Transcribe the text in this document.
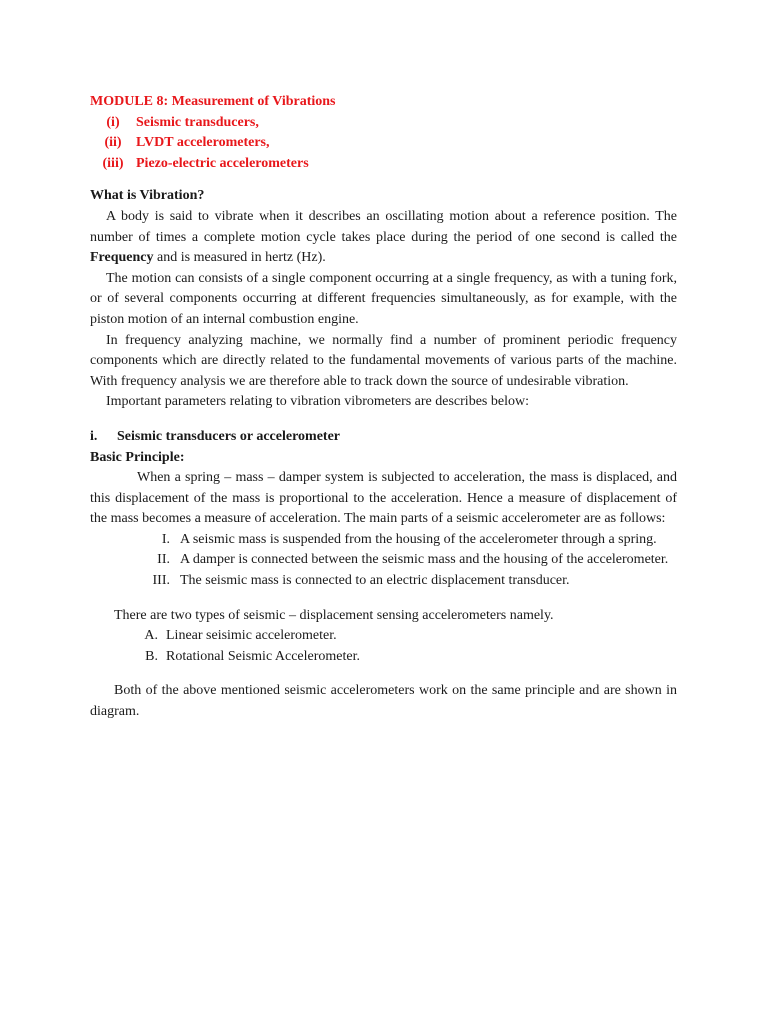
MODULE 8: Measurement of Vibrations
(i)	Seismic transducers,
(ii)	LVDT accelerometers,
(iii) Piezo-electric accelerometers
What is Vibration?

A body is said to vibrate when it describes an oscillating motion about a reference position. The number of times a complete motion cycle takes place during the period of one second is called the Frequency and is measured in hertz (Hz).

The motion can consists of a single component occurring at a single frequency, as with a tuning fork, or of several components occurring at different frequencies simultaneously, as for example, with the piston motion of an internal combustion engine.

In frequency analyzing machine, we normally find a number of prominent periodic frequency components which are directly related to the fundamental movements of various parts of the machine. With frequency analysis we are therefore able to track down the source of undesirable vibration.

Important parameters relating to vibration vibrometers are describes below:

i.	Seismic transducers or accelerometer
Basic Principle:

When a spring – mass – damper system is subjected to acceleration, the mass is displaced, and this displacement of the mass is proportional to the acceleration. Hence a measure of displacement of the mass becomes a measure of acceleration. The main parts of a seismic accelerometer are as follows:

I. A seismic mass is suspended from the housing of the accelerometer through a spring.
II. A damper is connected between the seismic mass and the housing of the accelerometer.
III. The seismic mass is connected to an electric displacement transducer.

There are two types of seismic – displacement sensing accelerometers namely.

A. Linear seisimic accelerometer.
B. Rotational Seismic Accelerometer.

Both of the above mentioned seismic accelerometers work on the same principle and are shown in diagram.
